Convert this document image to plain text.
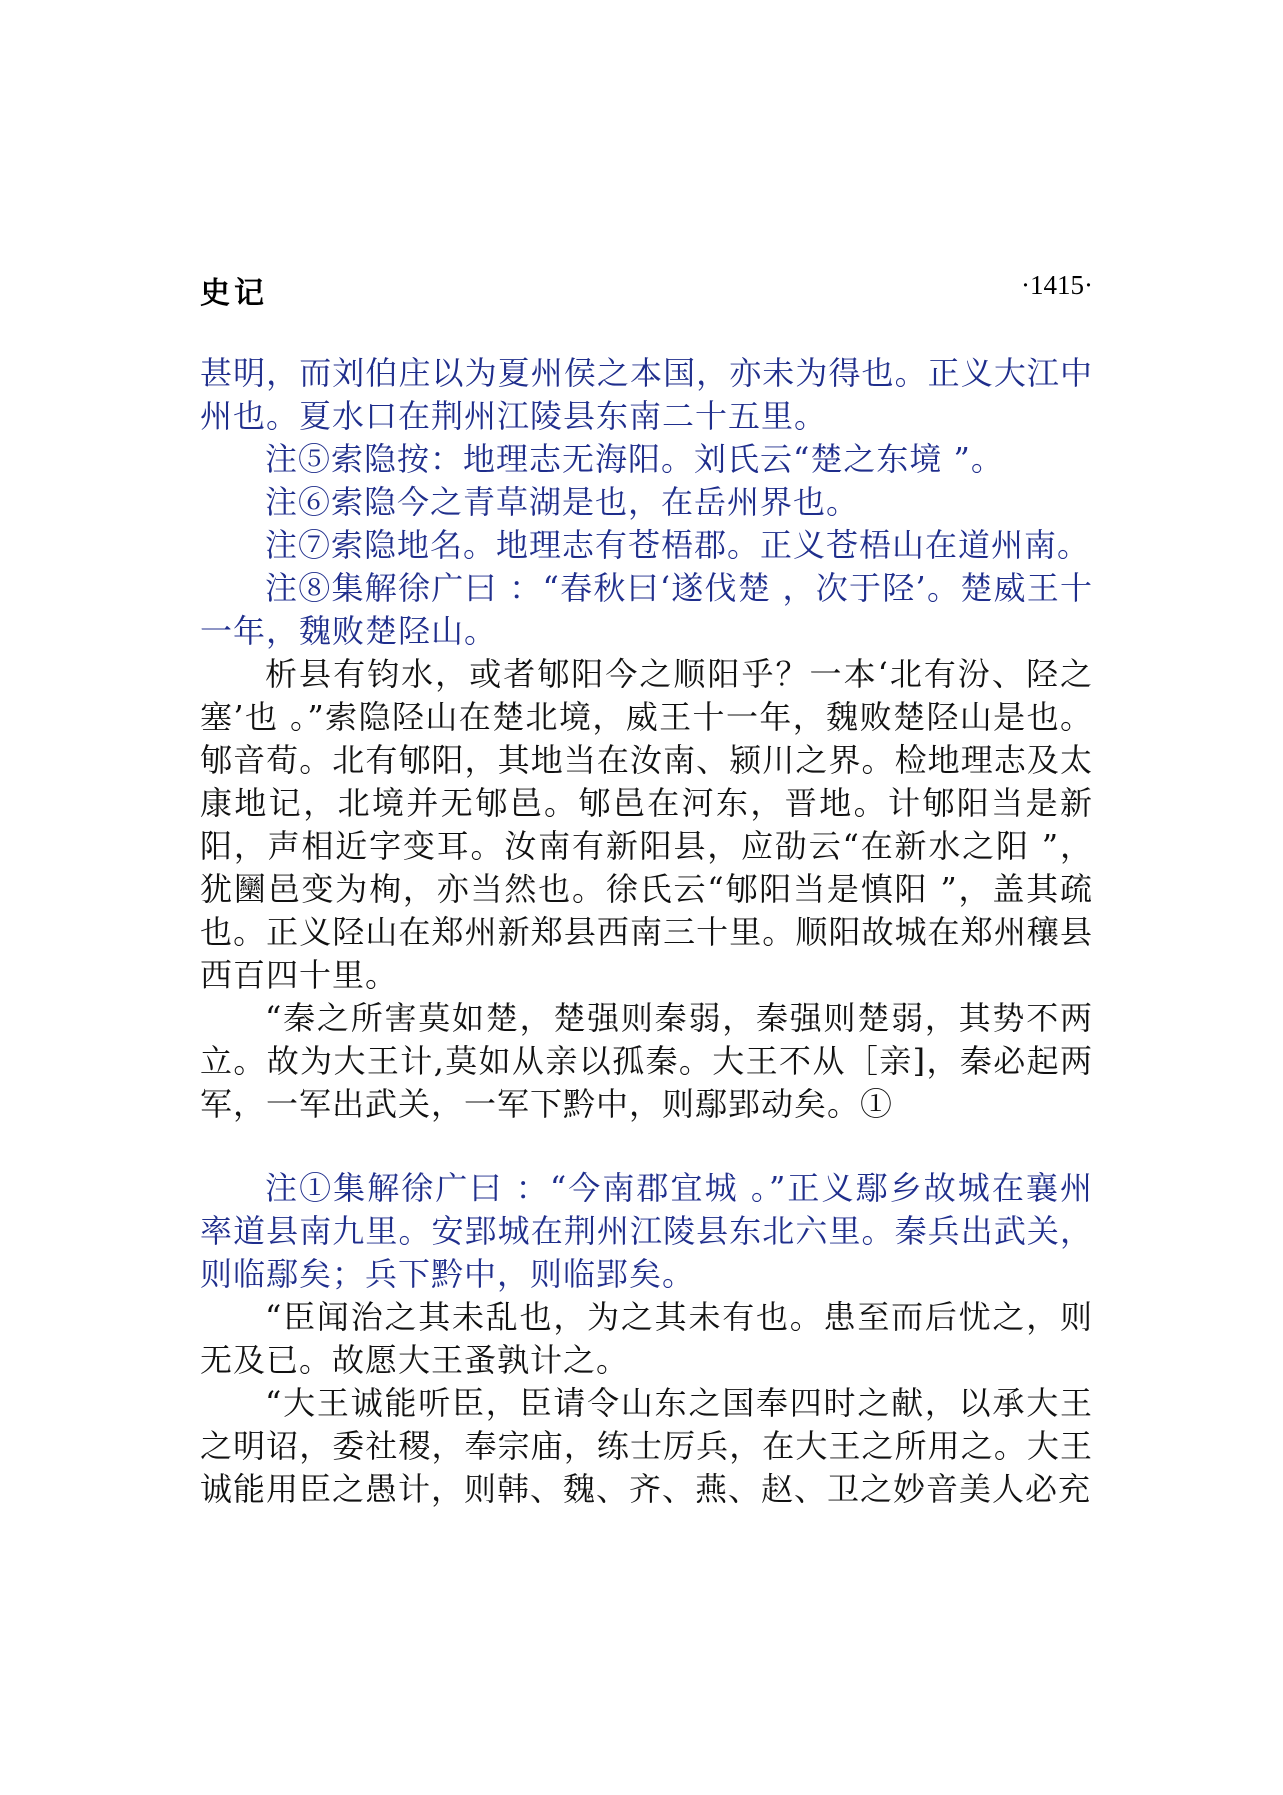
史记	·1415·

甚明，而刘伯庄以为夏州侯之本国，亦未为得也。正义大江中州也。夏水口在荆州江陵县东南二十五里。

注⑤索隐按：地理志无海阳。刘氏云“楚之东境 ”。

注⑥索隐今之青草湖是也，在岳州界也。

注⑦索隐地名。地理志有苍梧郡。正义苍梧山在道州南。

注⑧集解徐广曰 ：“春秋曰‘遂伐楚 ，次于陉’。楚威王十一年，魏败楚陉山。

析县有钧水，或者郇阳今之顺阳乎？一本‘北有汾、陉之塞’也 。”索隐陉山在楚北境，威王十一年，魏败楚陉山是也。郇音荀。北有郇阳，其地当在汝南、颍川之界。检地理志及太康地记，北境并无郇邑。郇邑在河东，晋地。计郇阳当是新阳，声相近字变耳。汝南有新阳县，应劭云“在新水之阳 ”，犹圞邑变为栒，亦当然也。徐氏云“郇阳当是慎阳 ”，盖其疏也。正义陉山在郑州新郑县西南三十里。顺阳故城在郑州穰县西百四十里。

“秦之所害莫如楚，楚强则秦弱，秦强则楚弱，其势不两立。故为大王计,莫如从亲以孤秦。大王不从［亲]，秦必起两军，一军出武关，一军下黔中，则鄢郢动矣。①

注①集解徐广曰 ：“今南郡宜城 。”正义鄢乡故城在襄州率道县南九里。安郢城在荆州江陵县东北六里。秦兵出武关，则临鄢矣；兵下黔中，则临郢矣。

“臣闻治之其未乱也，为之其未有也。患至而后忧之，则无及已。故愿大王蚤孰计之。

“大王诚能听臣，臣请令山东之国奉四时之献，以承大王之明诏，委社稷，奉宗庙，练士厉兵，在大王之所用之。大王诚能用臣之愚计，则韩、魏、齐、燕、赵、卫之妙音美人必充
